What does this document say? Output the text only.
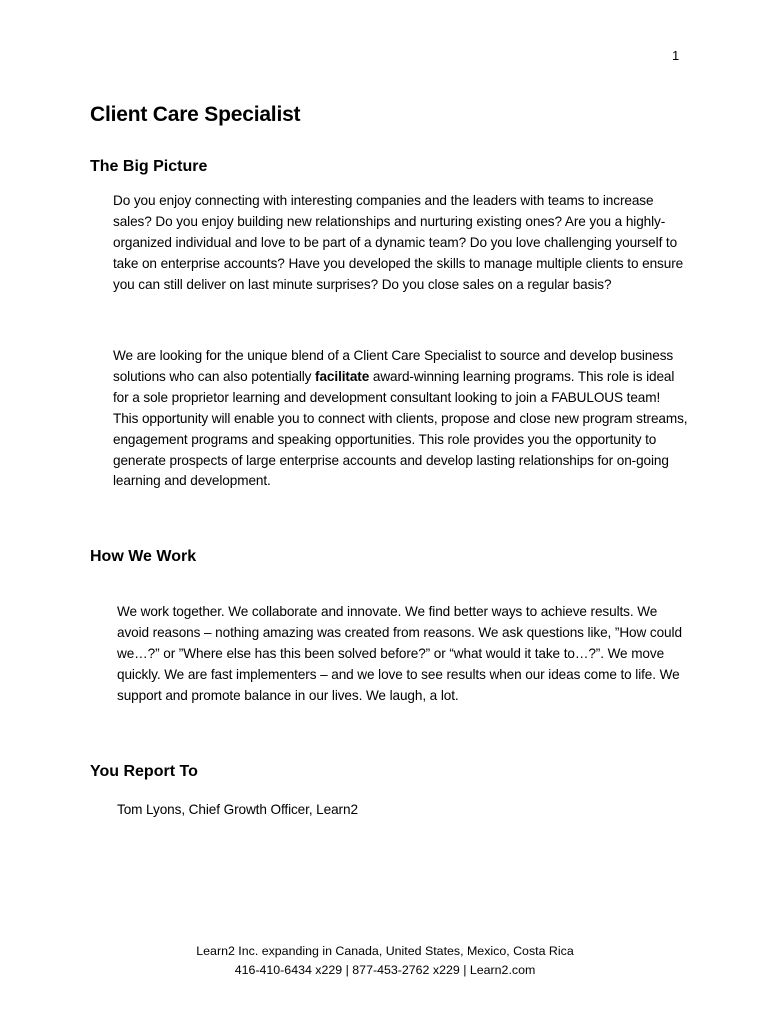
1
Client Care Specialist
The Big Picture

Do you enjoy connecting with interesting companies and the leaders with teams to increase sales? Do you enjoy building new relationships and nurturing existing ones? Are you a highly-organized individual and love to be part of a dynamic team? Do you love challenging yourself to take on enterprise accounts? Have you developed the skills to manage multiple clients to ensure you can still deliver on last minute surprises? Do you close sales on a regular basis?

We are looking for the unique blend of a Client Care Specialist to source and develop business solutions who can also potentially facilitate award-winning learning programs. This role is ideal for a sole proprietor learning and development consultant looking to join a FABULOUS team! This opportunity will enable you to connect with clients, propose and close new program streams, engagement programs and speaking opportunities. This role provides you the opportunity to generate prospects of large enterprise accounts and develop lasting relationships for on-going learning and development.

How We Work

We work together. We collaborate and innovate. We find better ways to achieve results. We avoid reasons – nothing amazing was created from reasons. We ask questions like, ”How could we…?” or ”Where else has this been solved before?” or “what would it take to…?”. We move quickly. We are fast implementers – and we love to see results when our ideas come to life. We support and promote balance in our lives. We laugh, a lot.

You Report To

Tom Lyons, Chief Growth Officer, Learn2

Learn2 Inc. expanding in Canada, United States, Mexico, Costa Rica
416-410-6434 x229 | 877-453-2762 x229 | Learn2.com
